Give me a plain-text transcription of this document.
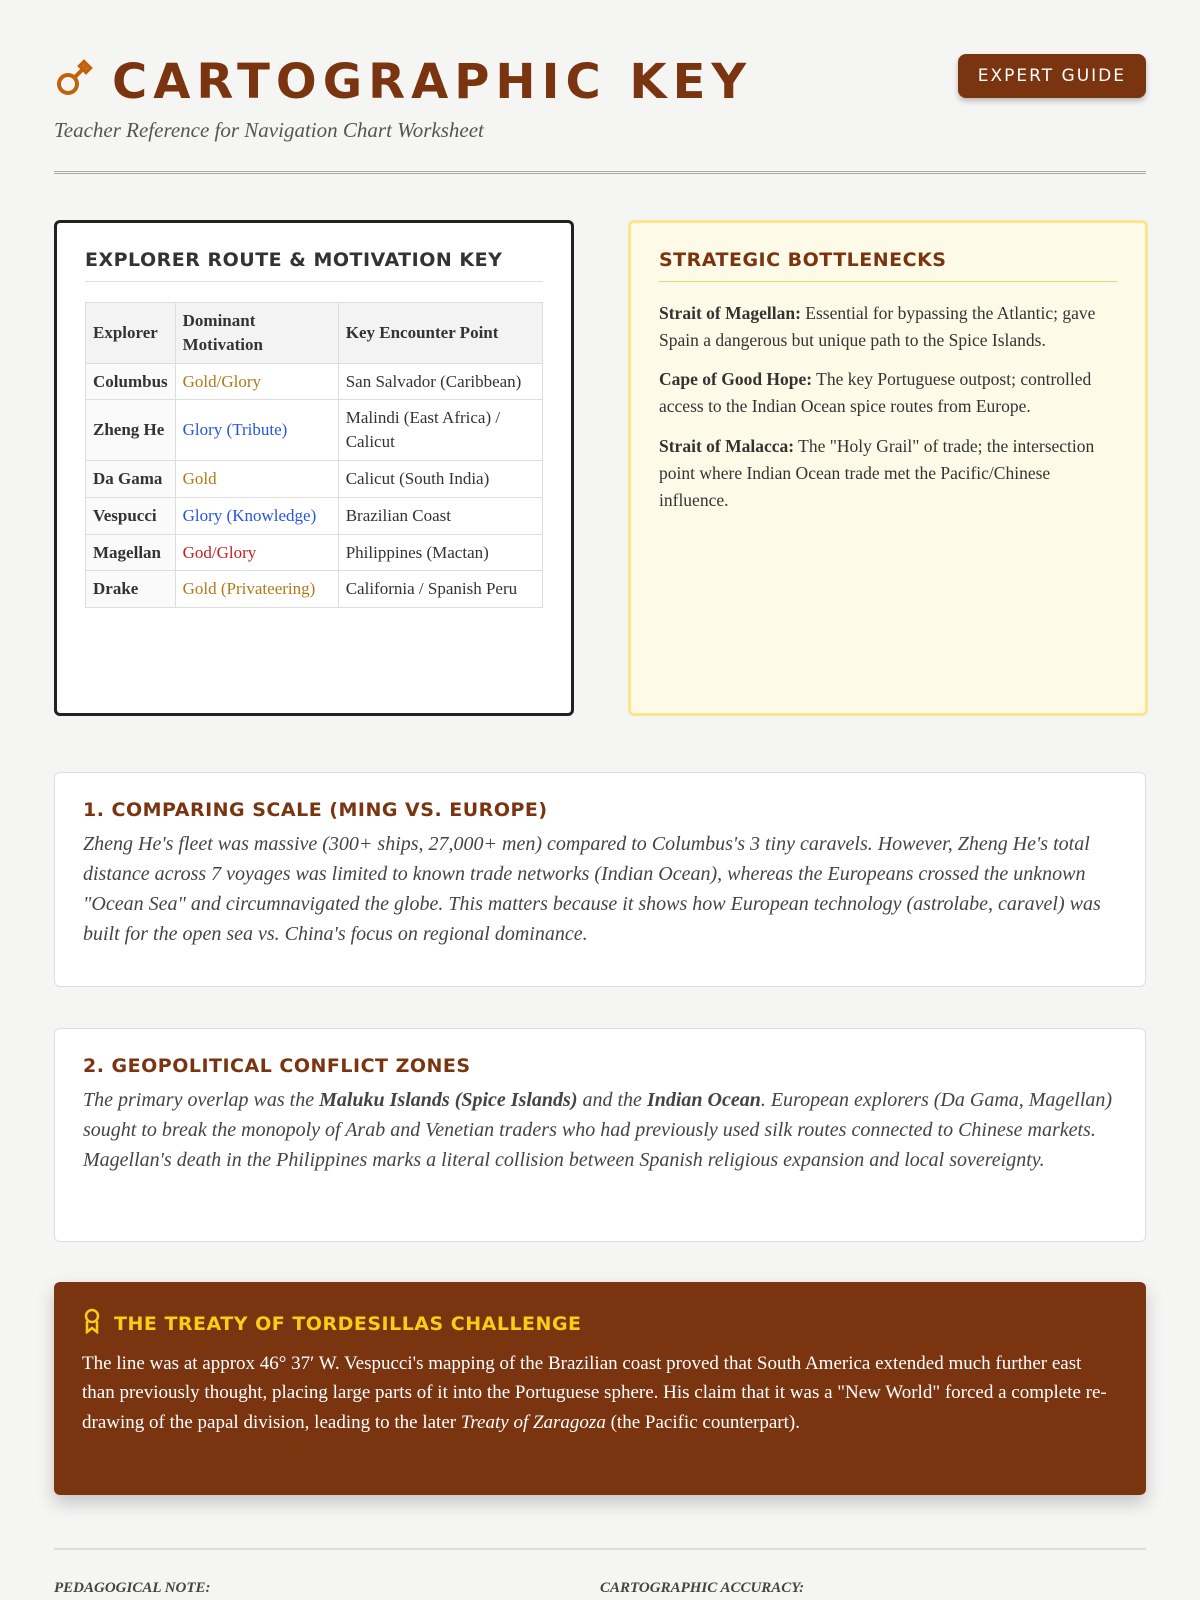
CARTOGRAPHIC KEY
Teacher Reference for Navigation Chart Worksheet
EXPERT GUIDE
EXPLORER ROUTE & MOTIVATION KEY
Explorer	Dominant Motivation	Key Encounter Point
Columbus	Gold/Glory	San Salvador (Caribbean)
Zheng He	Glory (Tribute)	Malindi (East Africa) / Calicut
Da Gama	Gold	Calicut (South India)
Vespucci	Glory (Knowledge)	Brazilian Coast
Magellan	God/Glory	Philippines (Mactan)
Drake	Gold (Privateering)	California / Spanish Peru
STRATEGIC BOTTLENECKS

Strait of Magellan: Essential for bypassing the Atlantic; gave Spain a dangerous but unique path to the Spice Islands.

Cape of Good Hope: The key Portuguese outpost; controlled access to the Indian Ocean spice routes from Europe.

Strait of Malacca: The "Holy Grail" of trade; the intersection point where Indian Ocean trade met the Pacific/Chinese influence.

1. COMPARING SCALE (MING VS. EUROPE)

Zheng He's fleet was massive (300+ ships, 27,000+ men) compared to Columbus's 3 tiny caravels. However, Zheng He's total distance across 7 voyages was limited to known trade networks (Indian Ocean), whereas the Europeans crossed the unknown "Ocean Sea" and circumnavigated the globe. This matters because it shows how European technology (astrolabe, caravel) was built for the open sea vs. China's focus on regional dominance.

2. GEOPOLITICAL CONFLICT ZONES

The primary overlap was the Maluku Islands (Spice Islands) and the Indian Ocean. European explorers (Da Gama, Magellan) sought to break the monopoly of Arab and Venetian traders who had previously used silk routes connected to Chinese markets. Magellan's death in the Philippines marks a literal collision between Spanish religious expansion and local sovereignty.

THE TREATY OF TORDESILLAS CHALLENGE

The line was at approx 46° 37′ W. Vespucci's mapping of the Brazilian coast proved that South America extended much further east than previously thought, placing large parts of it into the Portuguese sphere. His claim that it was a "New World" forced a complete re-drawing of the papal division, leading to the later Treaty of Zaragoza (the Pacific counterpart).

PEDAGOGICAL NOTE:	CARTOGRAPHIC ACCURACY:
